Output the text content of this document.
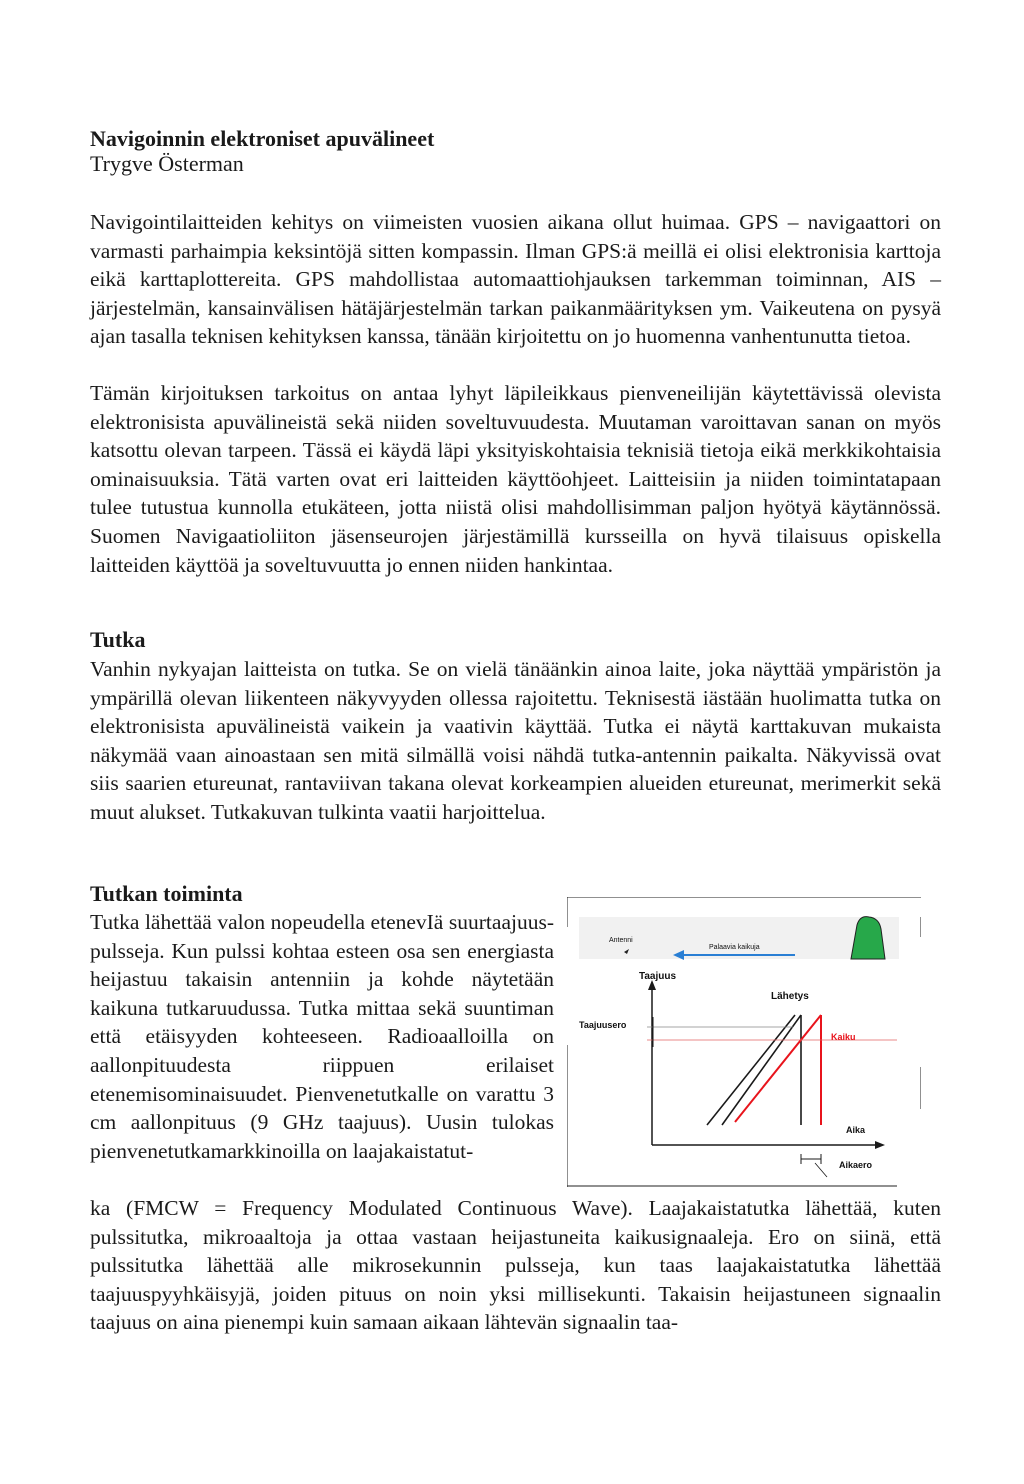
Navigoinnin elektroniset apuvälineet
Trygve Österman

Navigointilaitteiden kehitys on viimeisten vuosien aikana ollut huimaa. GPS – navigaattori on varmasti parhaimpia keksintöjä sitten kompassin. Ilman GPS:ä meillä ei olisi elektronisia karttoja eikä karttaplottereita. GPS mahdollistaa automaattiohjauksen tarkemman toiminnan, AIS – järjestelmän, kansainvälisen hätäjärjestelmän tarkan paikanmäärityksen ym. Vaikeutena on pysyä ajan tasalla teknisen kehityksen kanssa, tänään kirjoitettu on jo huomenna vanhentunutta tietoa.

Tämän kirjoituksen tarkoitus on antaa lyhyt läpileikkaus pienveneilijän käytettävissä olevista elektronisista apuvälineistä sekä niiden soveltuvuudesta. Muutaman varoittavan sanan on myös katsottu olevan tarpeen. Tässä ei käydä läpi yksityiskohtaisia teknisiä tietoja eikä merkkikohtaisia ominaisuuksia. Tätä varten ovat eri laitteiden käyttöohjeet. Laitteisiin ja niiden toimintatapaan tulee tutustua kunnolla etukäteen, jotta niistä olisi mahdollisimman paljon hyötyä käytännössä. Suomen Navigaatioliiton jäsenseurojen järjestämillä kursseilla on hyvä tilaisuus opiskella laitteiden käyttöä ja soveltuvuutta jo ennen niiden hankintaa.

Tutka

Vanhin nykyajan laitteista on tutka. Se on vielä tänäänkin ainoa laite, joka näyttää ympäristön ja ympärillä olevan liikenteen näkyvyyden ollessa rajoitettu. Teknisestä iästään huolimatta tutka on elektronisista apuvälineistä vaikein ja vaativin käyttää. Tutka ei näytä karttakuvan mukaista näkymää vaan ainoastaan sen mitä silmällä voisi nähdä tutka-antennin paikalta. Näkyvissä ovat siis saarien etureunat, rantaviivan takana olevat korkeampien alueiden etureunat, merimerkit sekä muut alukset. Tutkakuvan tulkinta vaatii harjoittelua.

Tutkan toiminta

Tutka lähettää valon nopeudella etenevIä suurtaajuus-pulsseja. Kun pulssi kohtaa esteen osa sen energiasta heijastuu takaisin antenniin ja kohde näytetään kaikuna tutkaruudussa. Tutka mittaa sekä suuntiman että etäisyyden kohteeseen. Radioaalloilla on aallonpituudesta riippuen erilaiset etenemisominaisuudet. Pienvenetutkalle on varattu 3 cm aallonpituus (9 GHz taajuus). Uusin tulokas pienvenetutkamarkkinoilla on laajakaistatut-

ka (FMCW = Frequency Modulated Continuous Wave). Laajakaistatutka lähettää, kuten pulssitutka, mikroaaltoja ja ottaa vastaan heijastuneita kaikusignaaleja. Ero on siinä, että pulssitutka lähettää alle mikrosekunnin pulsseja, kun taas laajakaistatutka lähettää taajuuspyyhkäisyjä, joiden pituus on noin yksi millisekunti. Takaisin heijastuneen signaalin taajuus on aina pienempi kuin samaan aikaan lähtevän signaalin taa-

Antenni
Palaavia kaikuja
Taajuus
Taajuusero
Lähetys
Kaiku
Aika
Aikaero
